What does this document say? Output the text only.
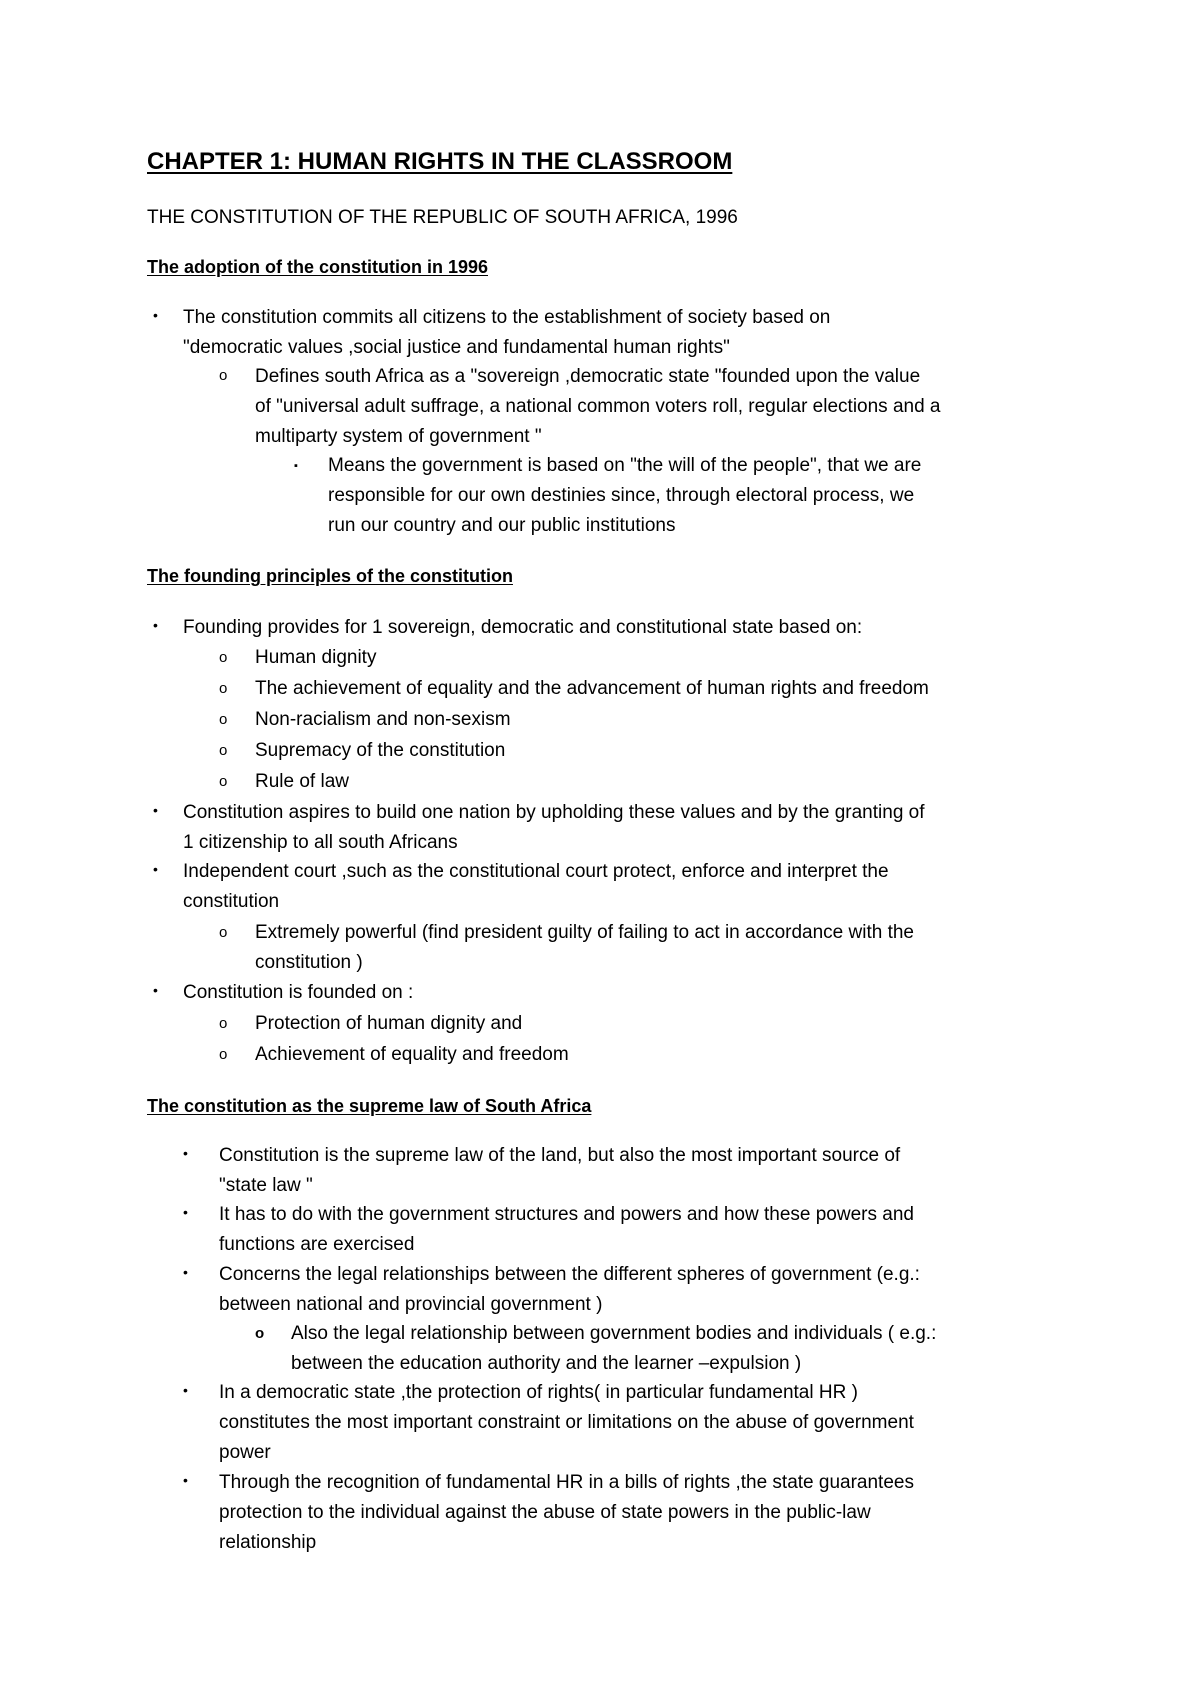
CHAPTER 1: HUMAN RIGHTS IN THE CLASSROOM
THE CONSTITUTION OF THE REPUBLIC OF SOUTH AFRICA, 1996
The adoption of the constitution in 1996
• The constitution commits all citizens to the establishment of society based on
"democratic values ,social justice and fundamental human rights"
o Defines south Africa as a "sovereign ,democratic state "founded upon the value
of "universal adult suffrage, a national common voters roll, regular elections and a
multiparty system of government "
▪ Means the government is based on "the will of the people", that we are
responsible for our own destinies since, through electoral process, we
run our country and our public institutions
The founding principles of the constitution
• Founding provides for 1 sovereign, democratic and constitutional state based on:
o Human dignity
o The achievement of equality and the advancement of human rights and freedom
o Non-racialism and non-sexism
o Supremacy of the constitution
o Rule of law
• Constitution aspires to build one nation by upholding these values and by the granting of
1 citizenship to all south Africans
• Independent court ,such as the constitutional court protect, enforce and interpret the
constitution
o Extremely powerful (find president guilty of failing to act in accordance with the
constitution )
• Constitution is founded on :
o Protection of human dignity and
o Achievement of equality and freedom
The constitution as the supreme law of South Africa
• Constitution is the supreme law of the land, but also the most important source of
"state law "
• It has to do with the government structures and powers and how these powers and
functions are exercised
• Concerns the legal relationships between the different spheres of government (e.g.:
between national and provincial government )
o Also the legal relationship between government bodies and individuals ( e.g.:
between the education authority and the learner –expulsion )
• In a democratic state ,the protection of rights( in particular fundamental HR )
constitutes the most important constraint or limitations on the abuse of government
power
• Through the recognition of fundamental HR in a bills of rights ,the state guarantees
protection to the individual against the abuse of state powers in the public-law
relationship
